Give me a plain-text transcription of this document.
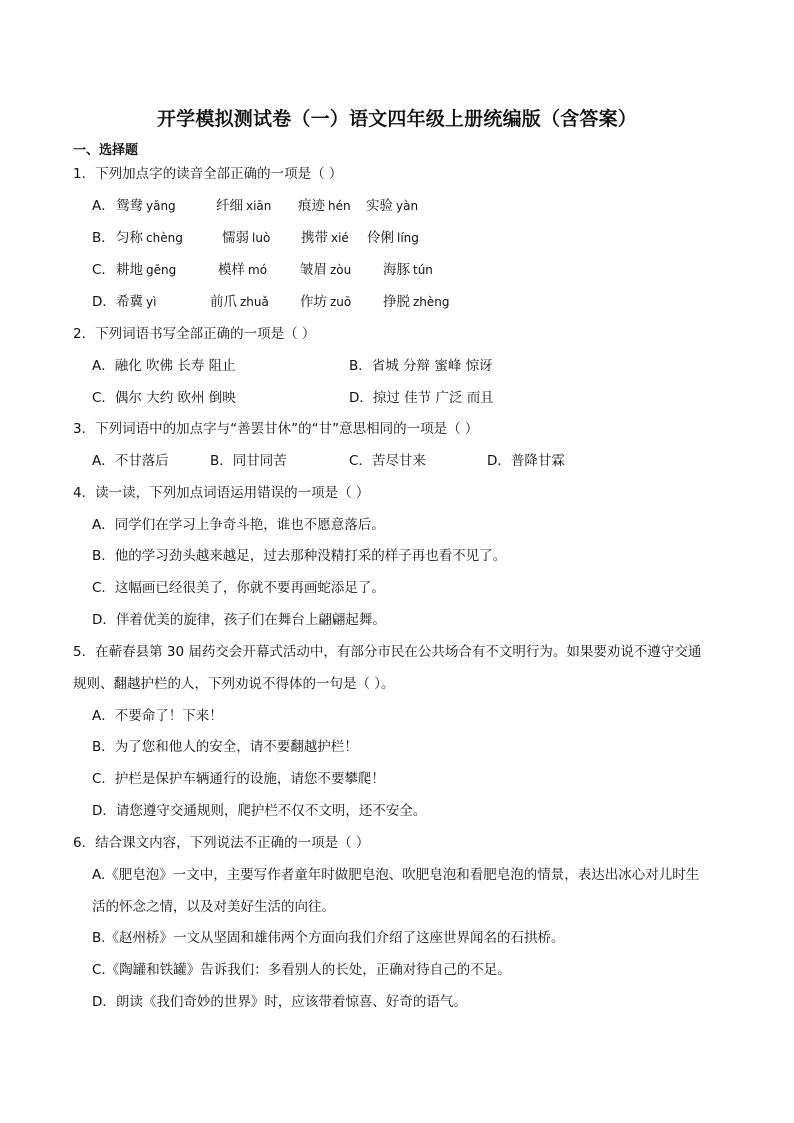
开学模拟测试卷（一）语文四年级上册统编版（含答案）
一、选择题
1．下列加点字的读音全部正确的一项是（ ）
A． 鸳鸯 yāng	纤细 xiān 痕迹 hén 实验 yàn
B． 匀称 chèng	懦弱 luò 携带 xié 伶俐 líng
C． 耕地 gēng	模样 mó 皱眉 zòu 海豚 tún
D． 希冀 yì	前爪 zhuǎ 作坊 zuō 挣脱 zhèng
2．下列词语书写全部正确的一项是（ ）
A．融化 吹佛 长寿 阻止	B．省城 分辩 蜜峰 惊讶
C．偶尔 大约 欧州 倒映	D．掠过 佳节 广泛 而且
3．下列词语中的加点字与“善罢甘休”的“甘”意思相同的一项是（ ）
A．不甘落后	B．同甘同苦	C．苦尽甘来	D．普降甘霖
4．读一读，下列加点词语运用错误的一项是（ ）
A．同学们在学习上争奇斗艳，谁也不愿意落后。
B．他的学习劲头越来越足，过去那种没精打采的样子再也看不见了。
C．这幅画已经很美了，你就不要再画蛇添足了。
D．伴着优美的旋律，孩子们在舞台上翩翩起舞。
5．在蕲春县第 30 届药交会开幕式活动中，有部分市民在公共场合有不文明行为。如果要劝说不遵守交通
规则、翻越护栏的人，下列劝说不得体的一句是（ ）。
A．不要命了！下来！
B．为了您和他人的安全，请不要翻越护栏！
C．护栏是保护车辆通行的设施，请您不要攀爬！
D．请您遵守交通规则，爬护栏不仅不文明，还不安全。
6．结合课文内容，下列说法不正确的一项是（ ）
A.《肥皂泡》一文中，主要写作者童年时做肥皂泡、吹肥皂泡和看肥皂泡的情景，表达出冰心对儿时生
活的怀念之情，以及对美好生活的向往。
B.《赵州桥》一文从坚固和雄伟两个方面向我们介绍了这座世界闻名的石拱桥。
C.《陶罐和铁罐》告诉我们：多看别人的长处，正确对待自己的不足。
D．朗读《我们奇妙的世界》时，应该带着惊喜、好奇的语气。
